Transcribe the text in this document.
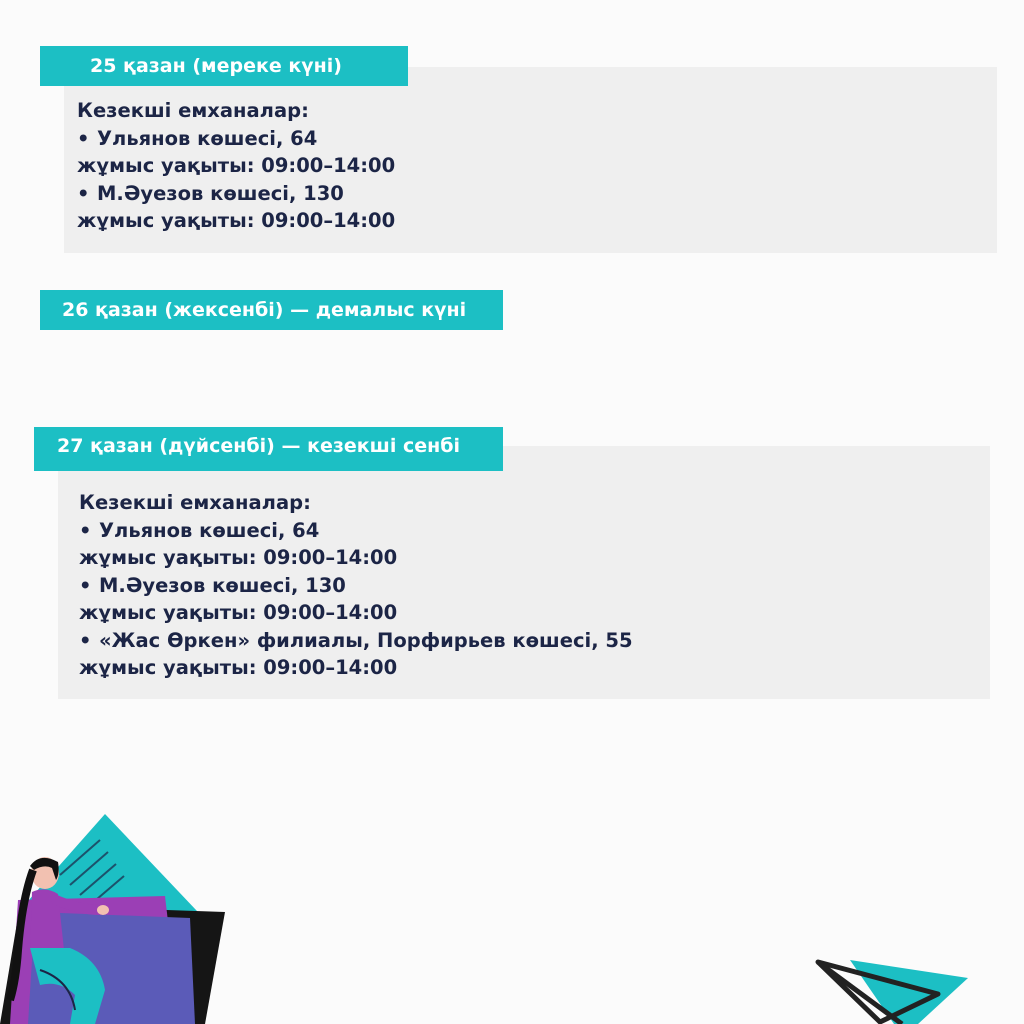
25 қазан (мереке күні)
Кезекші емханалар:
• Ульянов көшесі, 64
жұмыс уақыты: 09:00–14:00
• М.Әуезов көшесі, 130
жұмыс уақыты: 09:00–14:00
26 қазан (жексенбі) — демалыс күні
27 қазан (дүйсенбі) — кезекші сенбі
Кезекші емханалар:
• Ульянов көшесі, 64
жұмыс уақыты: 09:00–14:00
• М.Әуезов көшесі, 130
жұмыс уақыты: 09:00–14:00
• «Жас Өркен» филиалы, Порфирьев көшесі, 55
жұмыс уақыты: 09:00–14:00
